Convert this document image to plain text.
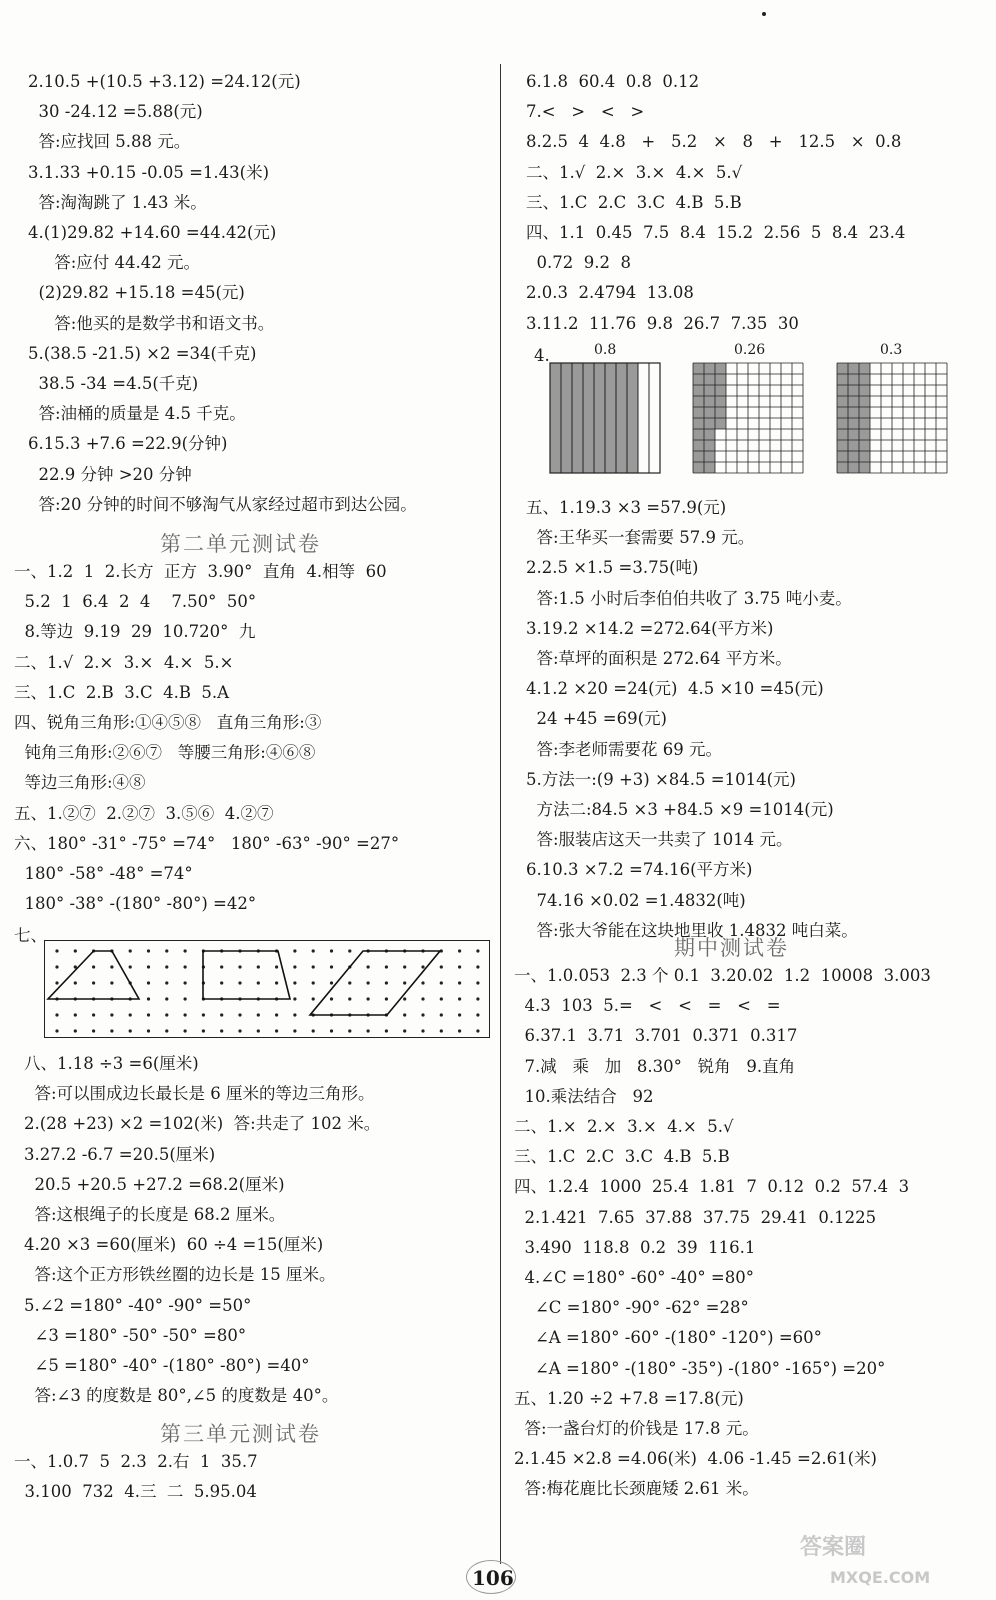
2.10.5 +(10.5 +3.12) =24.12(元)
30 -24.12 =5.88(元)
答:应找回 5.88 元。
3.1.33 +0.15 -0.05 =1.43(米)
答:淘淘跳了 1.43 米。
4.(1)29.82 +14.60 =44.42(元)
答:应付 44.42 元。
(2)29.82 +15.18 =45(元)
答:他买的是数学书和语文书。
5.(38.5 -21.5) ×2 =34(千克)
38.5 -34 =4.5(千克)
答:油桶的质量是 4.5 千克。
6.15.3 +7.6 =22.9(分钟)
22.9 分钟 >20 分钟
答:20 分钟的时间不够淘气从家经过超市到达公园。
第二单元测试卷
一、1.2  1  2.长方  正方  3.90°  直角  4.相等  60
5.2  1  6.4  2  4    7.50°  50°
8.等边  9.19  29  10.720°  九
二、1.√  2.×  3.×  4.×  5.×
三、1.C  2.B  3.C  4.B  5.A
四、锐角三角形:①④⑤⑧   直角三角形:③
钝角三角形:②⑥⑦   等腰三角形:④⑥⑧
等边三角形:④⑧
五、1.②⑦  2.②⑦  3.⑤⑥  4.②⑦
六、180° -31° -75° =74°   180° -63° -90° =27°
180° -58° -48° =74°
180° -38° -(180° -80°) =42°
七、
八、1.18 ÷3 =6(厘米)
答:可以围成边长最长是 6 厘米的等边三角形。
2.(28 +23) ×2 =102(米)  答:共走了 102 米。
3.27.2 -6.7 =20.5(厘米)
20.5 +20.5 +27.2 =68.2(厘米)
答:这根绳子的长度是 68.2 厘米。
4.20 ×3 =60(厘米)  60 ÷4 =15(厘米)
答:这个正方形铁丝圈的边长是 15 厘米。
5.∠2 =180° -40° -90° =50°
∠3 =180° -50° -50° =80°
∠5 =180° -40° -(180° -80°) =40°
答:∠3 的度数是 80°,∠5 的度数是 40°。
第三单元测试卷
一、1.0.7  5  2.3  2.右  1  35.7
3.100  732  4.三  二  5.95.04
6.1.8  60.4  0.8  0.12
7.<   >   <   >
8.2.5  4  4.8   +   5.2   ×   8   +   12.5   ×  0.8
二、1.√  2.×  3.×  4.×  5.√
三、1.C  2.C  3.C  4.B  5.B
四、1.1  0.45  7.5  8.4  15.2  2.56  5  8.4  23.4
0.72  9.2  8
2.0.3  2.4794  13.08
3.11.2  11.76  9.8  26.7  7.35  30
4.
五、1.19.3 ×3 =57.9(元)
答:王华买一套需要 57.9 元。
2.2.5 ×1.5 =3.75(吨)
答:1.5 小时后李伯伯共收了 3.75 吨小麦。
3.19.2 ×14.2 =272.64(平方米)
答:草坪的面积是 272.64 平方米。
4.1.2 ×20 =24(元)  4.5 ×10 =45(元)
24 +45 =69(元)
答:李老师需要花 69 元。
5.方法一:(9 +3) ×84.5 =1014(元)
方法二:84.5 ×3 +84.5 ×9 =1014(元)
答:服装店这天一共卖了 1014 元。
6.10.3 ×7.2 =74.16(平方米)
74.16 ×0.02 =1.4832(吨)
答:张大爷能在这块地里收 1.4832 吨白菜。
期中测试卷
一、1.0.053  2.3 个 0.1  3.20.02  1.2  10008  3.003
4.3  103  5.=   <   <   =   <   =
6.37.1  3.71  3.701  0.371  0.317
7.减   乘   加   8.30°   锐角   9.直角
10.乘法结合   92
二、1.×  2.×  3.×  4.×  5.√
三、1.C  2.C  3.C  4.B  5.B
四、1.2.4  1000  25.4  1.81  7  0.12  0.2  57.4  3
2.1.421  7.65  37.88  37.75  29.41  0.1225
3.490  118.8  0.2  39  116.1
4.∠C =180° -60° -40° =80°
∠C =180° -90° -62° =28°
∠A =180° -60° -(180° -120°) =60°
∠A =180° -(180° -35°) -(180° -165°) =20°
五、1.20 ÷2 +7.8 =17.8(元)
答:一盏台灯的价钱是 17.8 元。
2.1.45 ×2.8 =4.06(米)  4.06 -1.45 =2.61(米)
答:梅花鹿比长颈鹿矮 2.61 米。
0.8	0.26	0.3
106
答案圈
MXQE.COM
